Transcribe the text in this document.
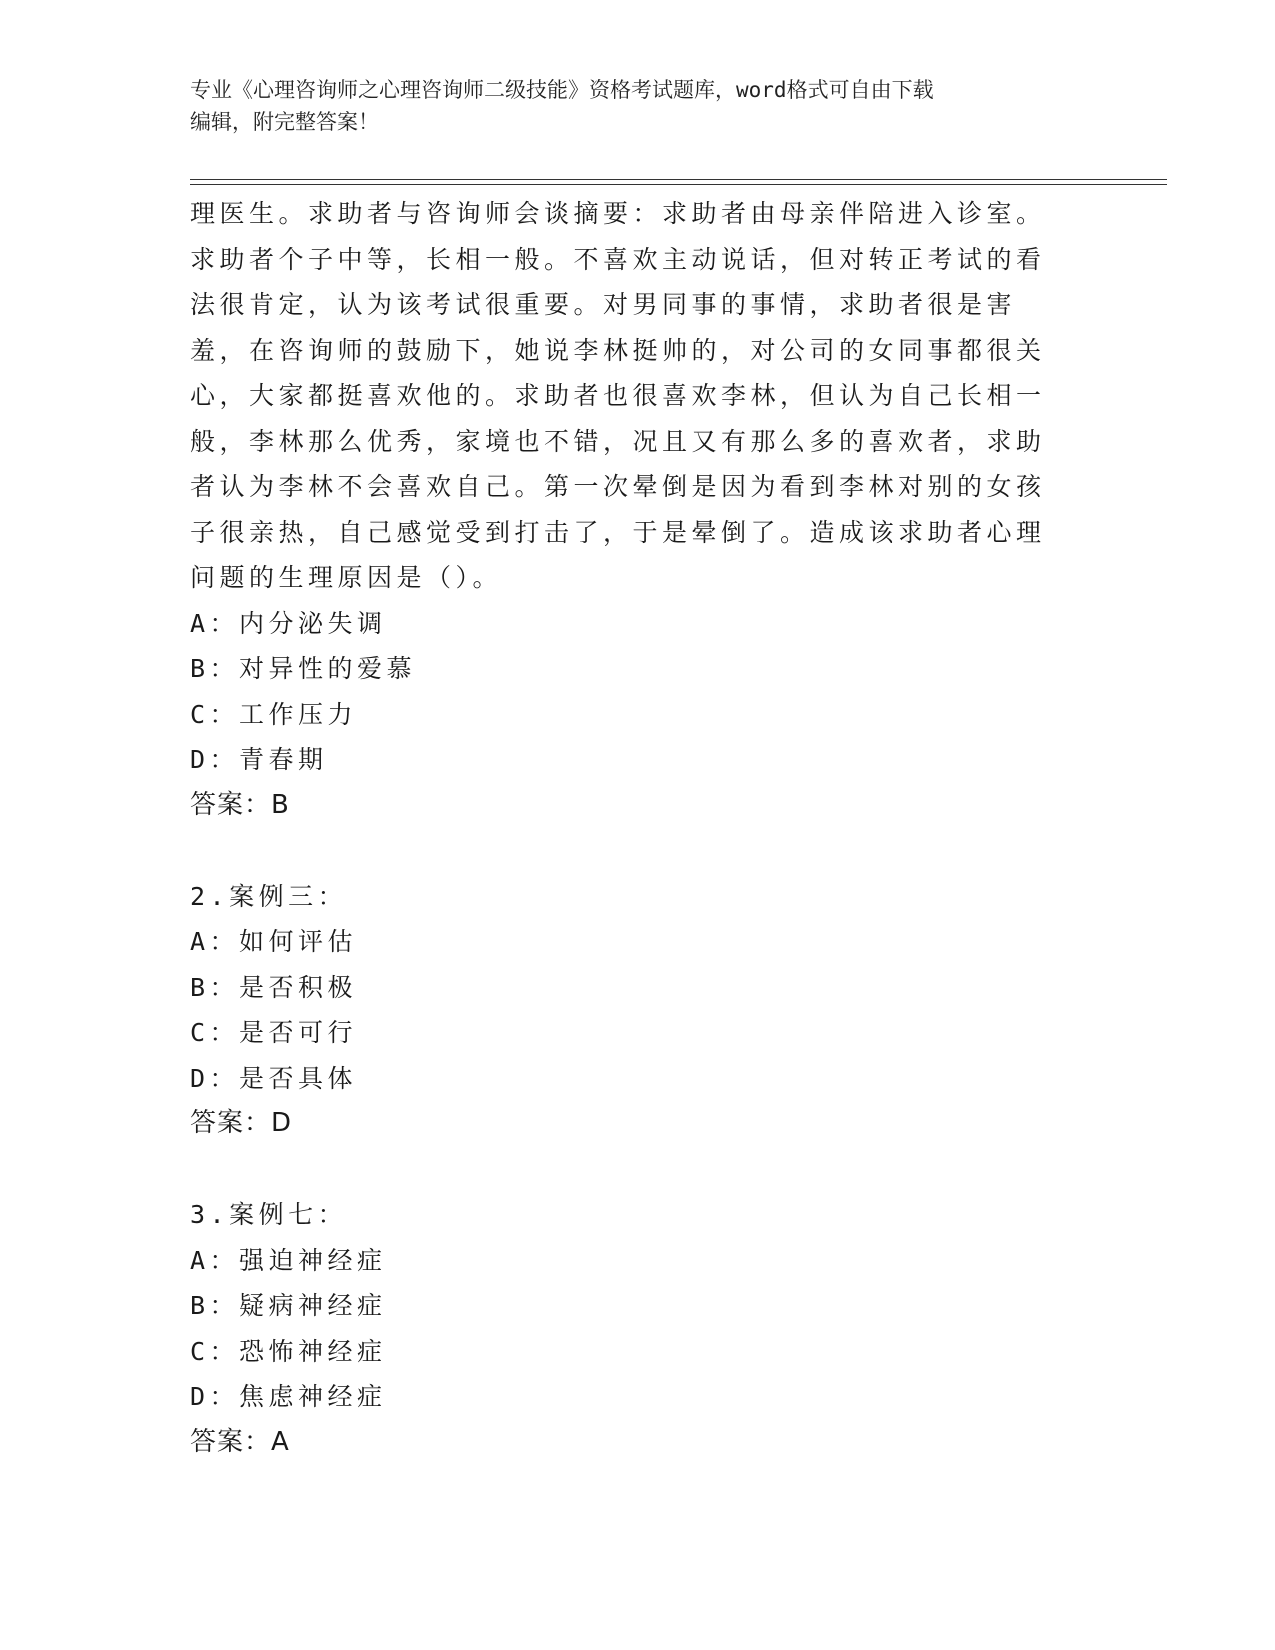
专业《心理咨询师之心理咨询师二级技能》资格考试题库，word格式可自由下载
编辑，附完整答案！

理医生。求助者与咨询师会谈摘要：求助者由母亲伴陪进入诊室。求助者个子中等，长相一般。不喜欢主动说话，但对转正考试的看法很肯定，认为该考试很重要。对男同事的事情，求助者很是害羞，在咨询师的鼓励下，她说李林挺帅的，对公司的女同事都很关心，大家都挺喜欢他的。求助者也很喜欢李林，但认为自己长相一般，李林那么优秀，家境也不错，况且又有那么多的喜欢者，求助者认为李林不会喜欢自己。第一次晕倒是因为看到李林对别的女孩子很亲热，自己感觉受到打击了，于是晕倒了。造成该求助者心理问题的生理原因是（）。

A：内分泌失调
B：对异性的爱慕
C：工作压力
D：青春期
答案：B
2.案例三：
A：如何评估
B：是否积极
C：是否可行
D：是否具体
答案：D
3.案例七：
A：强迫神经症
B：疑病神经症
C：恐怖神经症
D：焦虑神经症
答案：A
